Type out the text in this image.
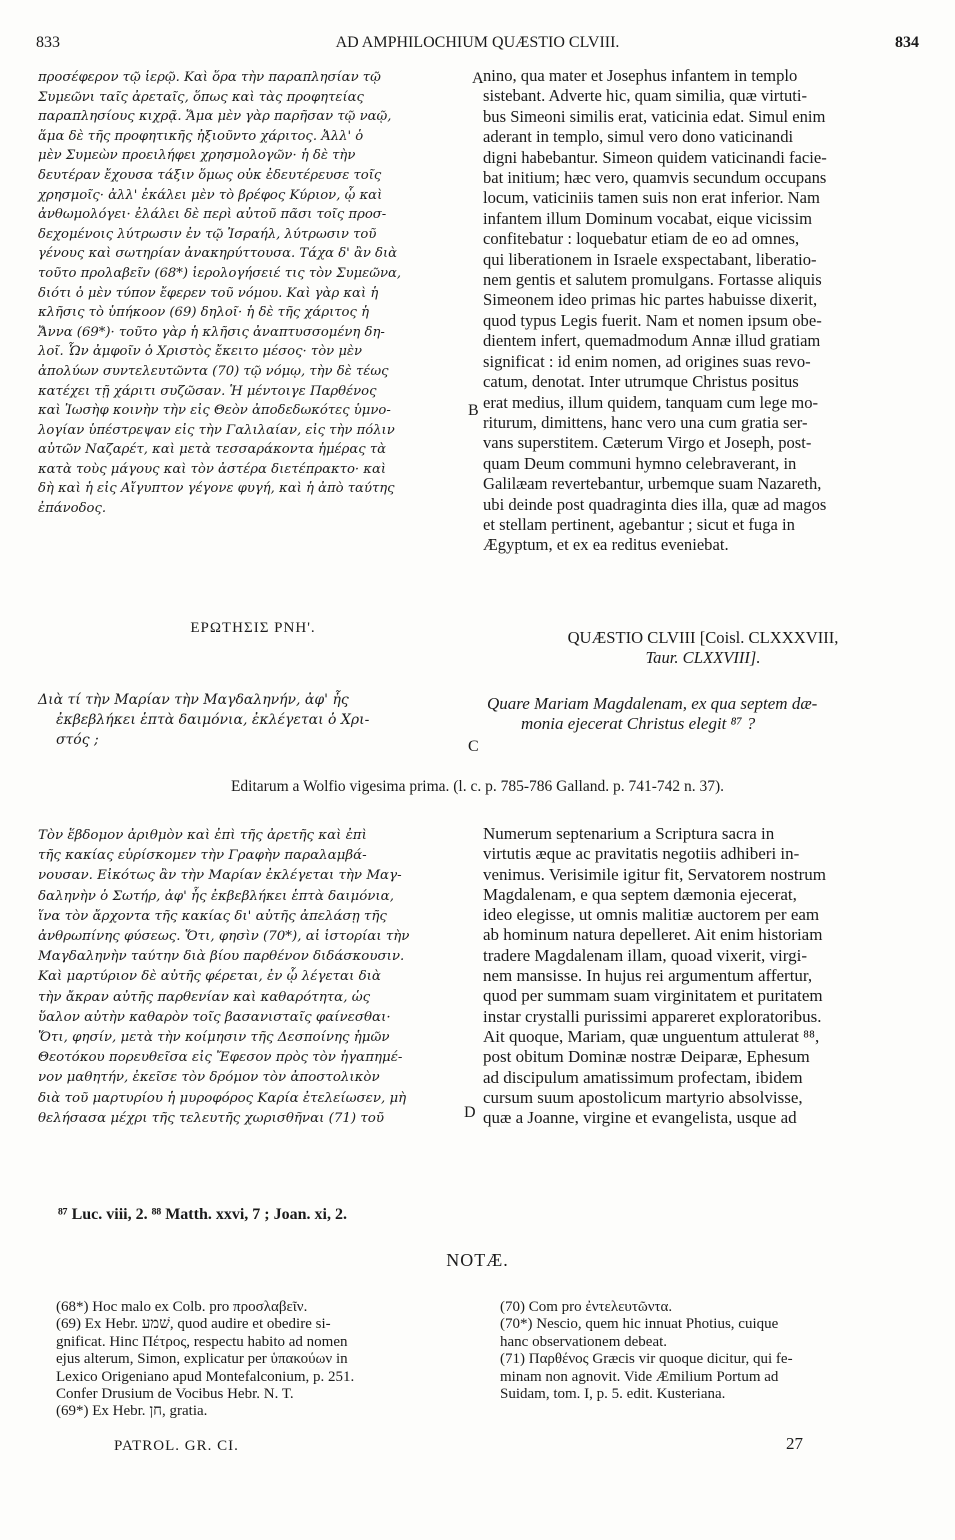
833	AD AMPHILOCHIUM QUÆSTIO CLVIII.	834
προσέφερον τῷ ἱερῷ. Καὶ ὅρα τὴν παραπλησίαν τῷ
Συμεῶνι ταῖς ἀρεταῖς, ὅπως καὶ τὰς προφητείας
παραπλησίους κιχρᾷ. Ἅμα μὲν γὰρ παρῆσαν τῷ ναῷ,
ἅμα δὲ τῆς προφητικῆς ἠξιοῦντο χάριτος. Ἀλλ' ὁ
μὲν Συμεὼν προειλήφει χρησμολογῶν· ἡ δὲ τὴν
δευτέραν ἔχουσα τάξιν ὅμως οὐκ ἐδευτέρευσε τοῖς
χρησμοῖς· ἀλλ' ἐκάλει μὲν τὸ βρέφος Κύριον, ᾧ καὶ
ἀνθωμολόγει· ἐλάλει δὲ περὶ αὐτοῦ πᾶσι τοῖς προσ-
δεχομένοις λύτρωσιν ἐν τῷ Ἰσραήλ, λύτρωσιν τοῦ
γένους καὶ σωτηρίαν ἀνακηρύττουσα. Τάχα δ' ἂν διὰ
τοῦτο προλαβεῖν (68*) ἱερολογήσειέ τις τὸν Συμεῶνα,
διότι ὁ μὲν τύπον ἔφερεν τοῦ νόμου. Καὶ γὰρ καὶ ἡ
κλῆσις τὸ ὑπήκοον (69) δηλοῖ· ἡ δὲ τῆς χάριτος ἡ
Ἄννα (69*)· τοῦτο γὰρ ἡ κλῆσις ἀναπτυσσομένη δη-
λοῖ. Ὧν ἀμφοῖν ὁ Χριστὸς ἔκειτο μέσος· τὸν μὲν
ἀπολύων συντελευτῶντα (70) τῷ νόμῳ, τὴν δὲ τέως
κατέχει τῇ χάριτι συζῶσαν. Ἡ μέντοιγε Παρθένος
καὶ Ἰωσὴφ κοινὴν τὴν εἰς Θεὸν ἀποδεδωκότες ὑμνο-
λογίαν ὑπέστρεψαν εἰς τὴν Γαλιλαίαν, εἰς τὴν πόλιν
αὐτῶν Ναζαρέτ, καὶ μετὰ τεσσαράκοντα ἡμέρας τὰ
κατὰ τοὺς μάγους καὶ τὸν ἀστέρα διετέπρακτο· καὶ
δὴ καὶ ἡ εἰς Αἴγυπτον γέγονε φυγή, καὶ ἡ ἀπὸ ταύτης
ἐπάνοδος.
ΕΡΩΤΗΣΙΣ ΡΝΗ'.
A
B
C
D
nino, qua mater et Josephus infantem in templo
sistebant. Adverte hic, quam similia, quæ virtuti-
bus Simeoni similis erat, vaticinia edat. Simul enim
aderant in templo, simul vero dono vaticinandi
digni habebantur. Simeon quidem vaticinandi facie-
bat initium; hæc vero, quamvis secundum occupans
locum, vaticiniis tamen suis non erat inferior. Nam
infantem illum Dominum vocabat, eique vicissim
confitebatur : loquebatur etiam de eo ad omnes,
qui liberationem in Israele exspectabant, liberatio-
nem gentis et salutem promulgans. Fortasse aliquis
Simeonem ideo primas hic partes habuisse dixerit,
quod typus Legis fuerit. Nam et nomen ipsum obe-
dientem infert, quemadmodum Annæ illud gratiam
significat : id enim nomen, ad origines suas revo-
catum, denotat. Inter utrumque Christus positus
erat medius, illum quidem, tanquam cum lege mo-
riturum, dimittens, hanc vero una cum gratia ser-
vans superstitem. Cæterum Virgo et Joseph, post-
quam Deum communi hymno celebraverant, in
Galilæam revertebantur, urbemque suam Nazareth,
ubi deinde post quadraginta dies illa, quæ ad magos
et stellam pertinent, agebantur ; sicut et fuga in
Ægyptum, et ex ea reditus eveniebat.
QUÆSTIO CLVIII [Coisl. CLXXXVIII,
Taur. CLXXVIII].
Διὰ τί τὴν Μαρίαν τὴν Μαγδαληνήν, ἀφ' ἧς
ἐκβεβλήκει ἑπτὰ δαιμόνια, ἐκλέγεται ὁ Χρι-
στός ;
Quare Mariam Magdalenam, ex qua septem dæ-
monia ejecerat Christus elegit ⁸⁷ ?
Editarum a Wolfio vigesima prima. (l. c. p. 785-786 Galland. p. 741-742 n. 37).
Τὸν ἕβδομον ἀριθμὸν καὶ ἐπὶ τῆς ἀρετῆς καὶ ἐπὶ
τῆς κακίας εὑρίσκομεν τὴν Γραφὴν παραλαμβά-
νουσαν. Εἰκότως ἂν τὴν Μαρίαν ἐκλέγεται τὴν Μαγ-
δαληνὴν ὁ Σωτήρ, ἀφ' ἧς ἐκβεβλήκει ἑπτὰ δαιμόνια,
ἵνα τὸν ἄρχοντα τῆς κακίας δι' αὐτῆς ἀπελάσῃ τῆς
ἀνθρωπίνης φύσεως. Ὅτι, φησὶν (70*), αἱ ἱστορίαι τὴν
Μαγδαληνὴν ταύτην διὰ βίου παρθένον διδάσκουσιν.
Καὶ μαρτύριον δὲ αὐτῆς φέρεται, ἐν ᾧ λέγεται διὰ
τὴν ἄκραν αὐτῆς παρθενίαν καὶ καθαρότητα, ὡς
ὕαλον αὐτὴν καθαρὸν τοῖς βασανισταῖς φαίνεσθαι·
Ὅτι, φησίν, μετὰ τὴν κοίμησιν τῆς Δεσποίνης ἡμῶν
Θεοτόκου πορευθεῖσα εἰς Ἔφεσον πρὸς τὸν ἠγαπημέ-
νον μαθητήν, ἐκεῖσε τὸν δρόμον τὸν ἀποστολικὸν
διὰ τοῦ μαρτυρίου ἡ μυροφόρος Καρία ἐτελείωσεν, μὴ
θελήσασα μέχρι τῆς τελευτῆς χωρισθῆναι (71) τοῦ
Numerum septenarium a Scriptura sacra in
virtutis æque ac pravitatis negotiis adhiberi in-
venimus. Verisimile igitur fit, Servatorem nostrum
Magdalenam, e qua septem dæmonia ejecerat,
ideo elegisse, ut omnis malitiæ auctorem per eam
ab hominum natura depelleret. Ait enim historiam
tradere Magdalenam illam, quoad vixerit, virgi-
nem mansisse. In hujus rei argumentum affertur,
quod per summam suam virginitatem et puritatem
instar crystalli purissimi appareret exploratoribus.
Ait quoque, Mariam, quæ unguentum attulerat ⁸⁸,
post obitum Dominæ nostræ Deiparæ, Ephesum
ad discipulum amatissimum profectam, ibidem
cursum suum apostolicum martyrio absolvisse,
quæ a Joanne, virgine et evangelista, usque ad
⁸⁷ Luc. viii, 2. ⁸⁸ Matth. xxvi, 7 ; Joan. xi, 2.
NOTÆ.
(68*) Hoc malo ex Colb. pro προσλαβεῖν.
(69) Ex Hebr. שׁמע, quod audire et obedire si-
gnificat. Hinc Πέτρος, respectu habito ad nomen
ejus alterum, Simon, explicatur per ὑπακούων in
Lexico Origeniano apud Montefalconium, p. 251.
Confer Drusium de Vocibus Hebr. N. T.
(69*) Ex Hebr. חן, gratia.
(70) Com pro ἐντελευτῶντα.
(70*) Nescio, quem hic innuat Photius, cuique
hanc observationem debeat.
(71) Παρθένος Græcis vir quoque dicitur, qui fe-
minam non agnovit. Vide Æmilium Portum ad
Suidam, tom. I, p. 5. edit. Kusteriana.
PATROL. GR. CI.	27
